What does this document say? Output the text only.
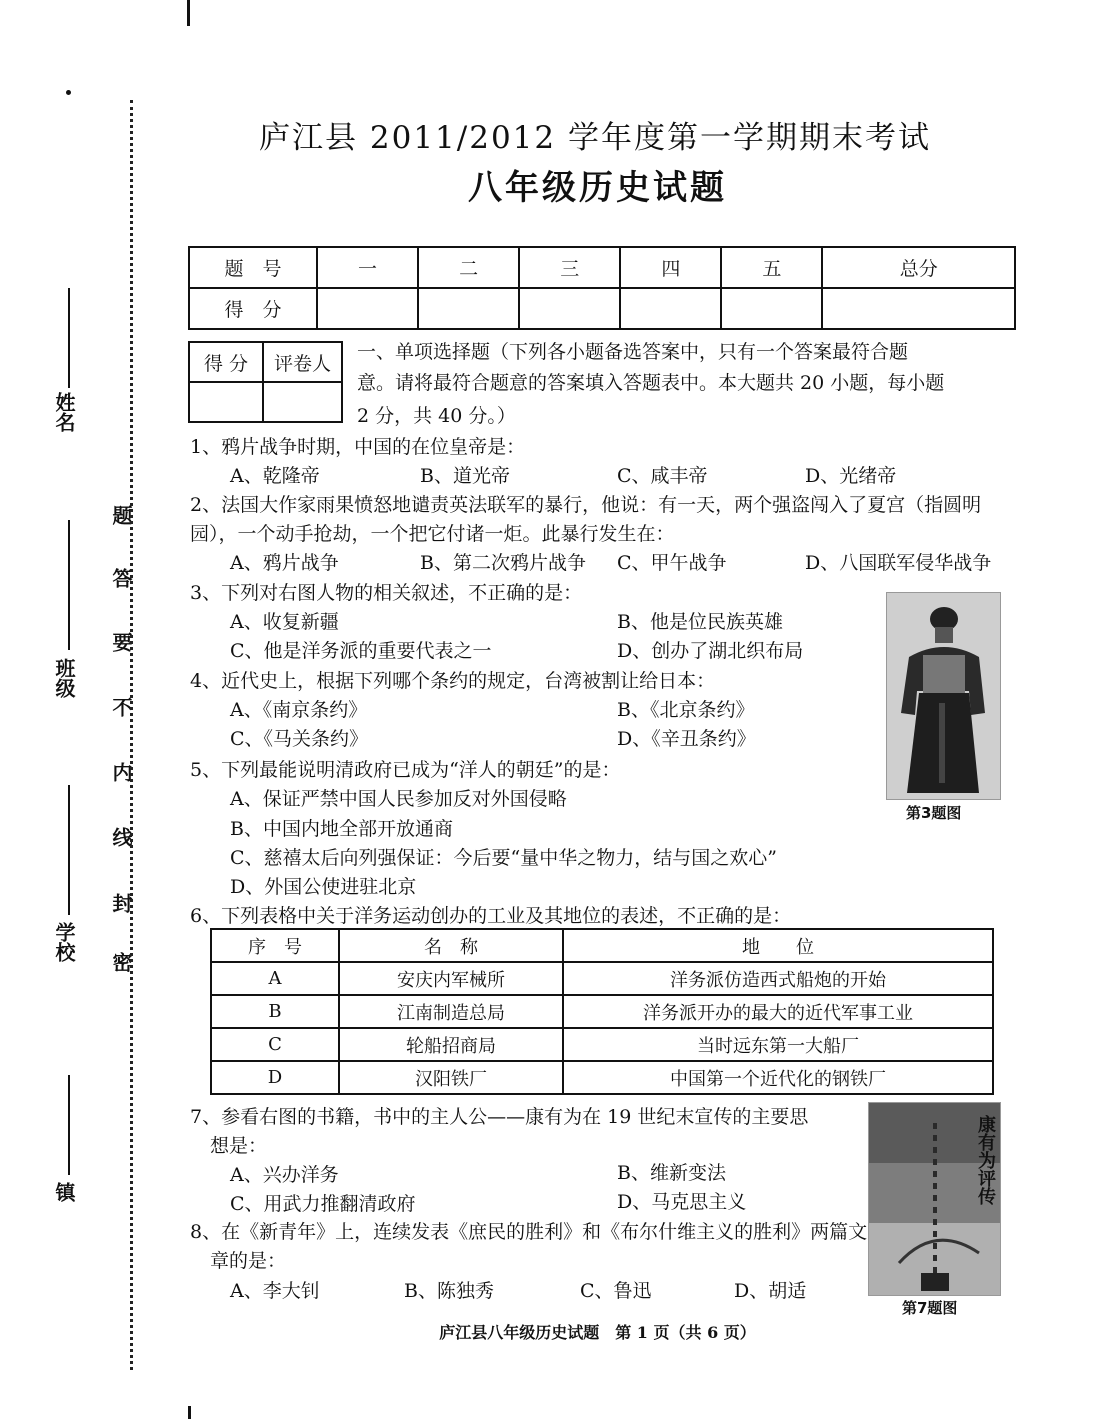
姓名
班级
学校
镇
题
答
要
不
内
线
封
密
庐江县 2011/2012 学年度第一学期期末考试
八年级历史试题
题　号	一	二	三	四	五	总分
得　分						
得 分	评卷人

一、单项选择题（下列各小题备选答案中，只有一个答案最符合题
意。请将最符合题意的答案填入答题表中。本大题共 20 小题，每小题
2 分，共 40 分。）
1、鸦片战争时期，中国的在位皇帝是：
A、乾隆帝	B、道光帝	C、咸丰帝	D、光绪帝
2、法国大作家雨果愤怒地谴责英法联军的暴行，他说：有一天，两个强盗闯入了夏宫（指圆明
园），一个动手抢劫，一个把它付诸一炬。此暴行发生在：
A、鸦片战争	B、第二次鸦片战争 C、甲午战争	D、八国联军侵华战争
3、下列对右图人物的相关叙述，不正确的是：
A、收复新疆	B、他是位民族英雄
C、他是洋务派的重要代表之一	D、创办了湖北织布局
第3题图
4、近代史上，根据下列哪个条约的规定，台湾被割让给日本：
A、《南京条约》	B、《北京条约》
C、《马关条约》	D、《辛丑条约》
5、下列最能说明清政府已成为“洋人的朝廷”的是：
A、保证严禁中国人民参加反对外国侵略
B、中国内地全部开放通商
C、慈禧太后向列强保证：今后要“量中华之物力，结与国之欢心”
D、外国公使进驻北京
6、下列表格中关于洋务运动创办的工业及其地位的表述，不正确的是：
序　号	名　称	地　　位
A	安庆内军械所	洋务派仿造西式船炮的开始
B	江南制造总局	洋务派开办的最大的近代军事工业
C	轮船招商局	当时远东第一大船厂
D	汉阳铁厂	中国第一个近代化的钢铁厂
7、参看右图的书籍，书中的主人公——康有为在 19 世纪末宣传的主要思
想是：
A、兴办洋务	B、维新变法
C、用武力推翻清政府	D、马克思主义	康有为评传
第7题图
8、在《新青年》上，连续发表《庶民的胜利》和《布尔什维主义的胜利》两篇文
章的是：
A、李大钊	B、陈独秀	C、鲁迅	D、胡适
庐江县八年级历史试题　第 1 页（共 6 页）
